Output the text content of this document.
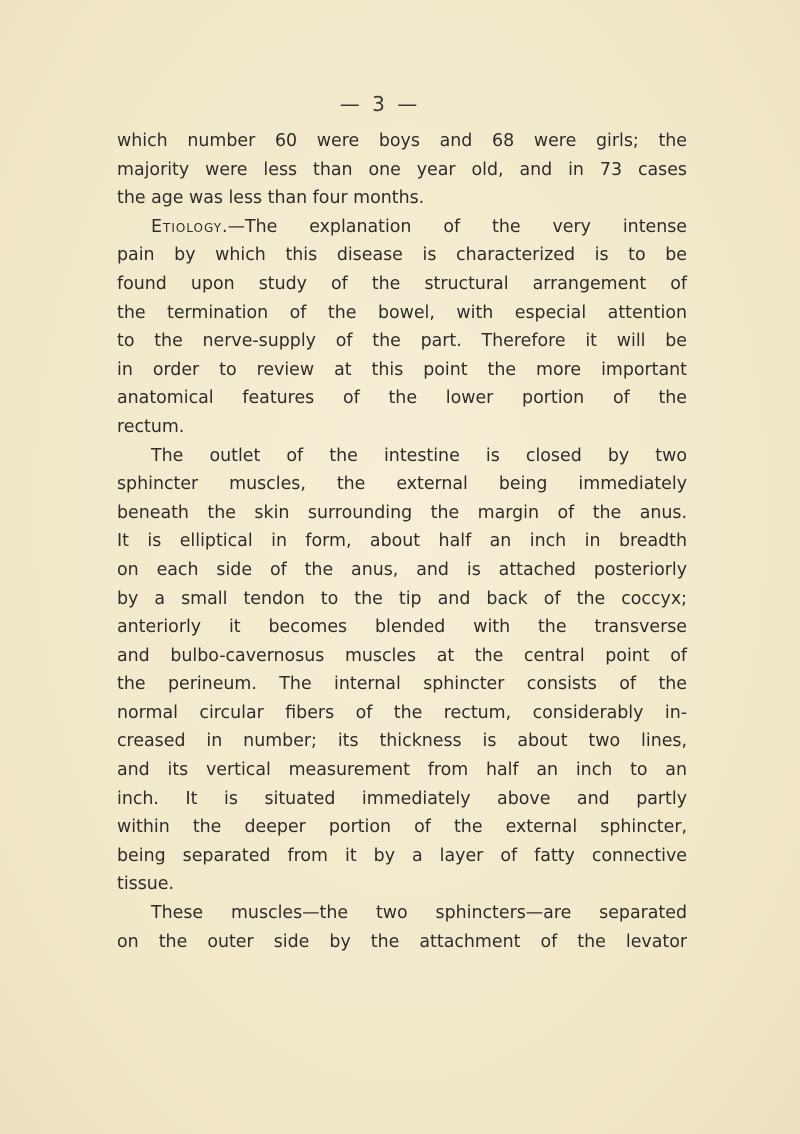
— 3 —
which number 60 were boys and 68 were girls; the
majority were less than one year old, and in 73 cases
the age was less than four months.
Etiology.—The explanation of the very intense
pain by which this disease is characterized is to be
found upon study of the structural arrangement of
the termination of the bowel, with especial attention
to the nerve-supply of the part. Therefore it will be
in order to review at this point the more important
anatomical features of the lower portion of the
rectum.
The outlet of the intestine is closed by two
sphincter muscles, the external being immediately
beneath the skin surrounding the margin of the anus.
It is elliptical in form, about half an inch in breadth
on each side of the anus, and is attached posteriorly
by a small tendon to the tip and back of the coccyx;
anteriorly it becomes blended with the transverse
and bulbo-cavernosus muscles at the central point of
the perineum. The internal sphincter consists of the
normal circular fibers of the rectum, considerably in-
creased in number; its thickness is about two lines,
and its vertical measurement from half an inch to an
inch. It is situated immediately above and partly
within the deeper portion of the external sphincter,
being separated from it by a layer of fatty connective
tissue.
These muscles—the two sphincters—are separated
on the outer side by the attachment of the levator
